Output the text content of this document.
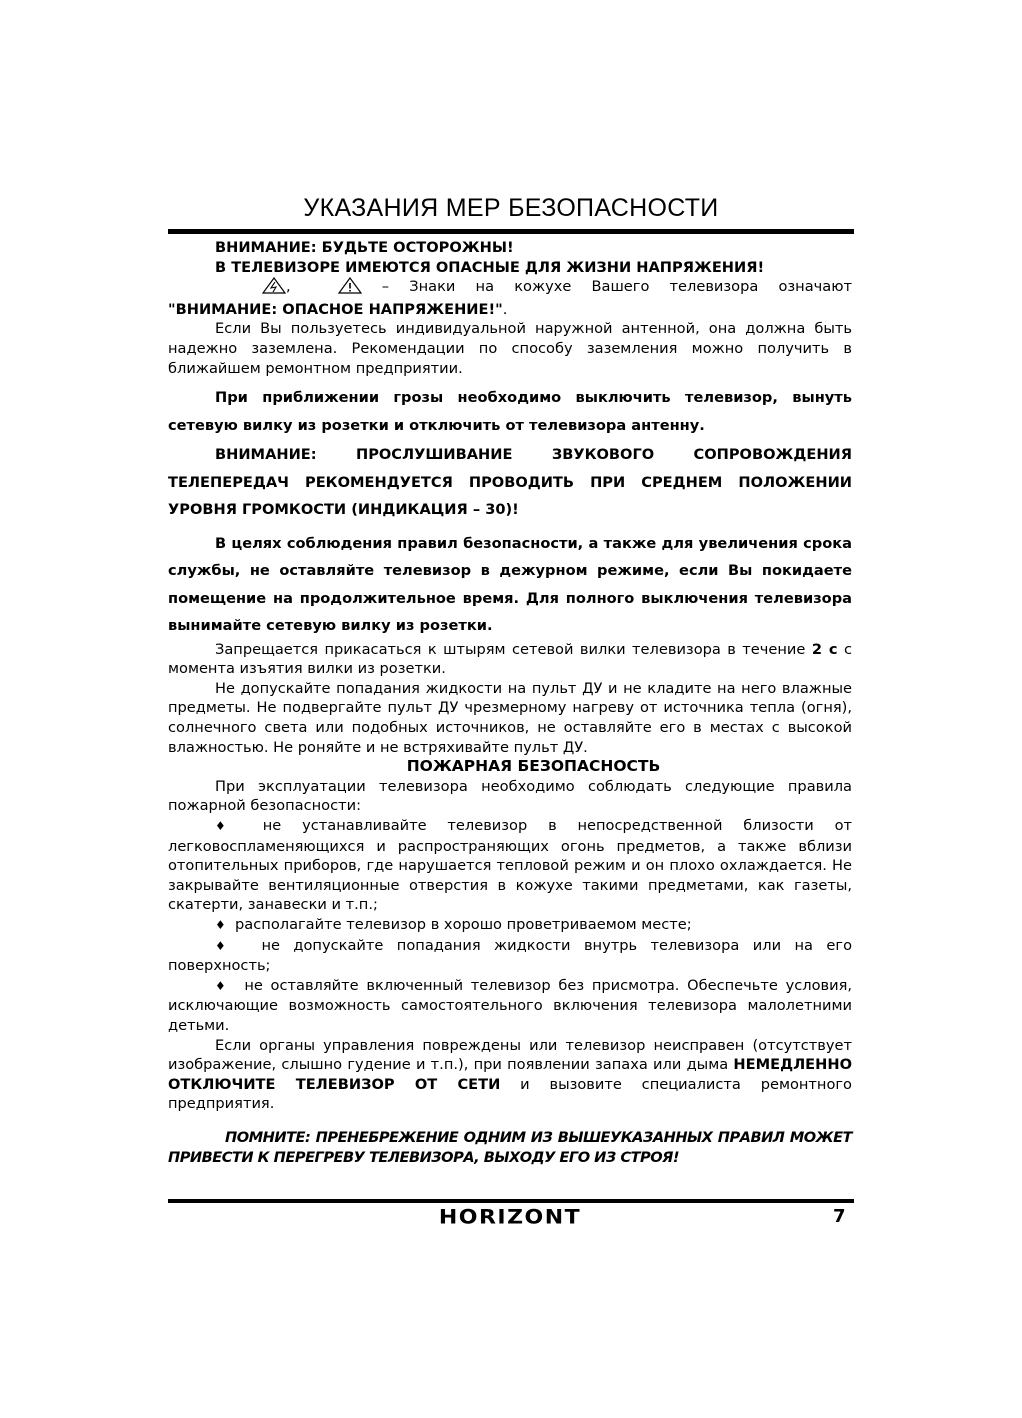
УКАЗАНИЯ МЕР БЕЗОПАСНОСТИ

ВНИМАНИЕ: БУДЬТЕ ОСТОРОЖНЫ!

В ТЕЛЕВИЗОРЕ ИМЕЮТСЯ ОПАСНЫЕ ДЛЯ ЖИЗНИ НАПРЯЖЕНИЯ!

,	– Знаки на кожухе Вашего телевизора означают "ВНИМАНИЕ: ОПАСНОЕ НАПРЯЖЕНИЕ!".

Если Вы пользуетесь индивидуальной наружной антенной, она должна быть надежно заземлена. Рекомендации по способу заземления можно получить в ближайшем ремонтном предприятии.

При приближении грозы необходимо выключить телевизор, вынуть сетевую вилку из розетки и отключить от телевизора антенну.

ВНИМАНИЕ: ПРОСЛУШИВАНИЕ ЗВУКОВОГО СОПРОВОЖДЕНИЯ ТЕЛЕПЕРЕДАЧ РЕКОМЕНДУЕТСЯ ПРОВОДИТЬ ПРИ СРЕДНЕМ ПОЛОЖЕНИИ УРОВНЯ ГРОМКОСТИ (ИНДИКАЦИЯ – 30)!

В целях соблюдения правил безопасности, а также для увеличения срока службы, не оставляйте телевизор в дежурном режиме, если Вы покидаете помещение на продолжительное время. Для полного выключения телевизора вынимайте сетевую вилку из розетки.

Запрещается прикасаться к штырям сетевой вилки телевизора в течение 2 с с момента изъятия вилки из розетки.

Не допускайте попадания жидкости на пульт ДУ и не кладите на него влажные предметы. Не подвергайте пульт ДУ чрезмерному нагреву от источника тепла (огня), солнечного света или подобных источников, не оставляйте его в местах с высокой влажностью. Не роняйте и не встряхивайте пульт ДУ.

ПОЖАРНАЯ БЕЗОПАСНОСТЬ

При эксплуатации телевизора необходимо соблюдать следующие правила пожарной безопасности:

♦ не устанавливайте телевизор в непосредственной близости от легковоспламеняющихся и распространяющих огонь предметов, а также вблизи отопительных приборов, где нарушается тепловой режим и он плохо охлаждается. Не закрывайте вентиляционные отверстия в кожухе такими предметами, как газеты, скатерти, занавески и т.п.;

♦ располагайте телевизор в хорошо проветриваемом месте;

♦ не допускайте попадания жидкости внутрь телевизора или на его поверхность;

♦ не оставляйте включенный телевизор без присмотра. Обеспечьте условия, исключающие возможность самостоятельного включения телевизора малолетними детьми.

Если органы управления повреждены или телевизор неисправен (отсутствует изображение, слышно гудение и т.п.), при появлении запаха или дыма НЕМЕДЛЕННО ОТКЛЮЧИТЕ ТЕЛЕВИЗОР ОТ СЕТИ и вызовите специалиста ремонтного предприятия.

ПОМНИТЕ: ПРЕНЕБРЕЖЕНИЕ ОДНИМ ИЗ ВЫШЕУКАЗАННЫХ ПРАВИЛ МОЖЕТ ПРИВЕСТИ К ПЕРЕГРЕВУ ТЕЛЕВИЗОРА, ВЫХОДУ ЕГО ИЗ СТРОЯ!

HORIZONT	7
